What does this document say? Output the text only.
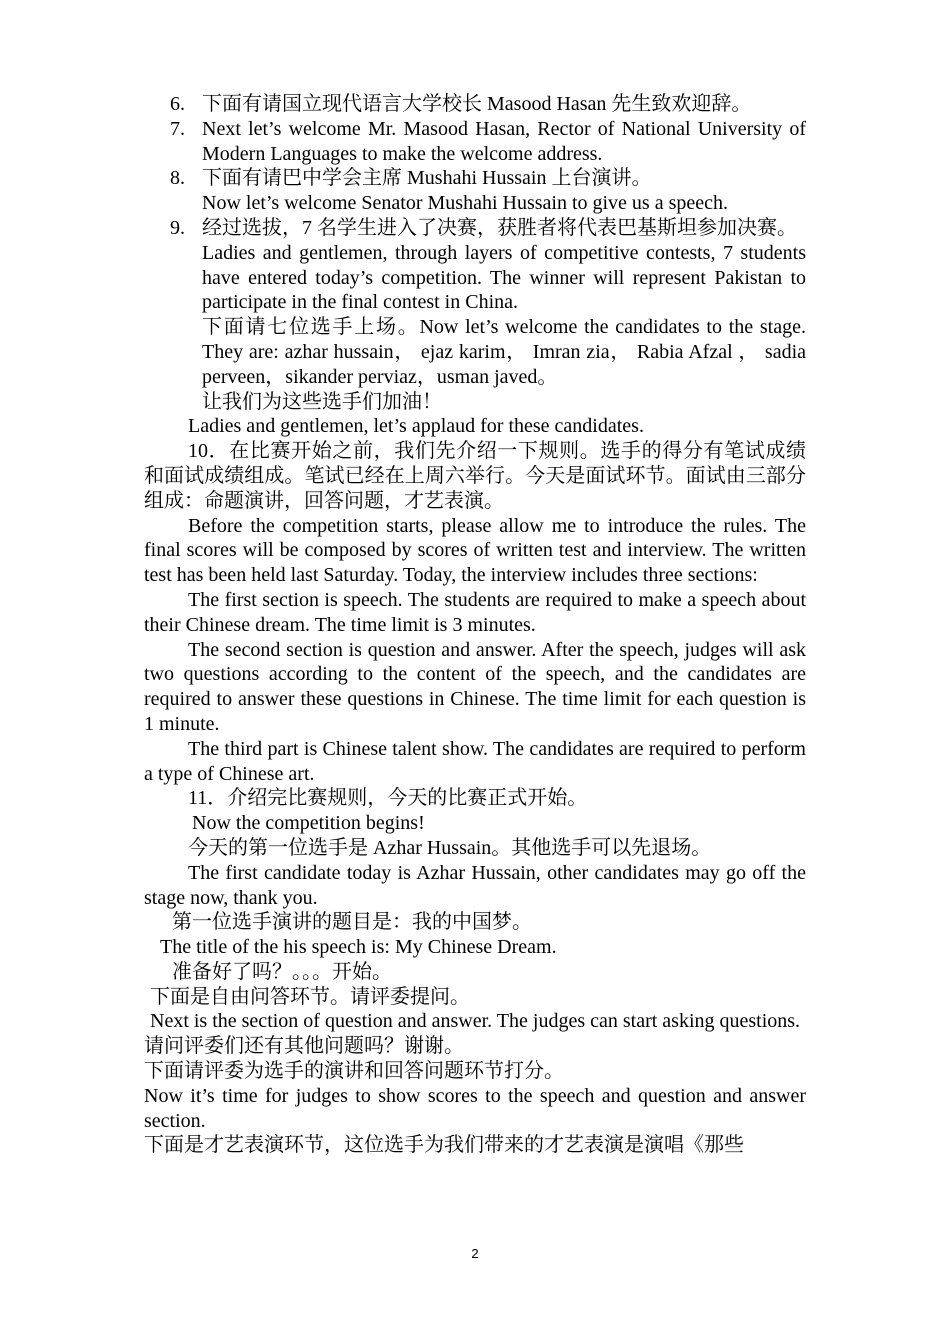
6. 下面有请国立现代语言大学校长 Masood Hasan 先生致欢迎辞。
7. Next let’s welcome Mr. Masood Hasan, Rector of National University of Modern Languages to make the welcome address.
8. 下面有请巴中学会主席 Mushahi Hussain 上台演讲。

Now let’s welcome Senator Mushahi Hussain to give us a speech.

9. 经过选拔，7 名学生进入了决赛，获胜者将代表巴基斯坦参加决赛。

Ladies and gentlemen, through layers of competitive contests, 7 students have entered today’s competition. The winner will represent Pakistan to participate in the final contest in China.

下面请七位选手上场。Now let’s welcome the candidates to the stage. They are: azhar hussain， ejaz karim， Imran zia， Rabia Afzal ， sadia perveen，sikander perviaz，usman javed。

让我们为这些选手们加油！

Ladies and gentlemen, let’s applaud for these candidates.

10．在比赛开始之前，我们先介绍一下规则。选手的得分有笔试成绩和面试成绩组成。笔试已经在上周六举行。今天是面试环节。面试由三部分组成：命题演讲，回答问题，才艺表演。

Before the competition starts, please allow me to introduce the rules. The final scores will be composed by scores of written test and interview. The written test has been held last Saturday. Today, the interview includes three sections:

The first section is speech. The students are required to make a speech about their Chinese dream. The time limit is 3 minutes.

The second section is question and answer. After the speech, judges will ask two questions according to the content of the speech, and the candidates are required to answer these questions in Chinese. The time limit for each question is 1 minute.

The third part is Chinese talent show. The candidates are required to perform a type of Chinese art.

11．介绍完比赛规则，今天的比赛正式开始。

Now the competition begins!

今天的第一位选手是 Azhar Hussain。其他选手可以先退场。

The first candidate today is Azhar Hussain, other candidates may go off the stage now, thank you.

第一位选手演讲的题目是：我的中国梦。

The title of the his speech is: My Chinese Dream.

准备好了吗？。。。开始。

下面是自由问答环节。请评委提问。

Next is the section of question and answer. The judges can start asking questions.

请问评委们还有其他问题吗？谢谢。

下面请评委为选手的演讲和回答问题环节打分。

Now it’s time for judges to show scores to the speech and question and answer section.

下面是才艺表演环节，这位选手为我们带来的才艺表演是演唱《那些

2
